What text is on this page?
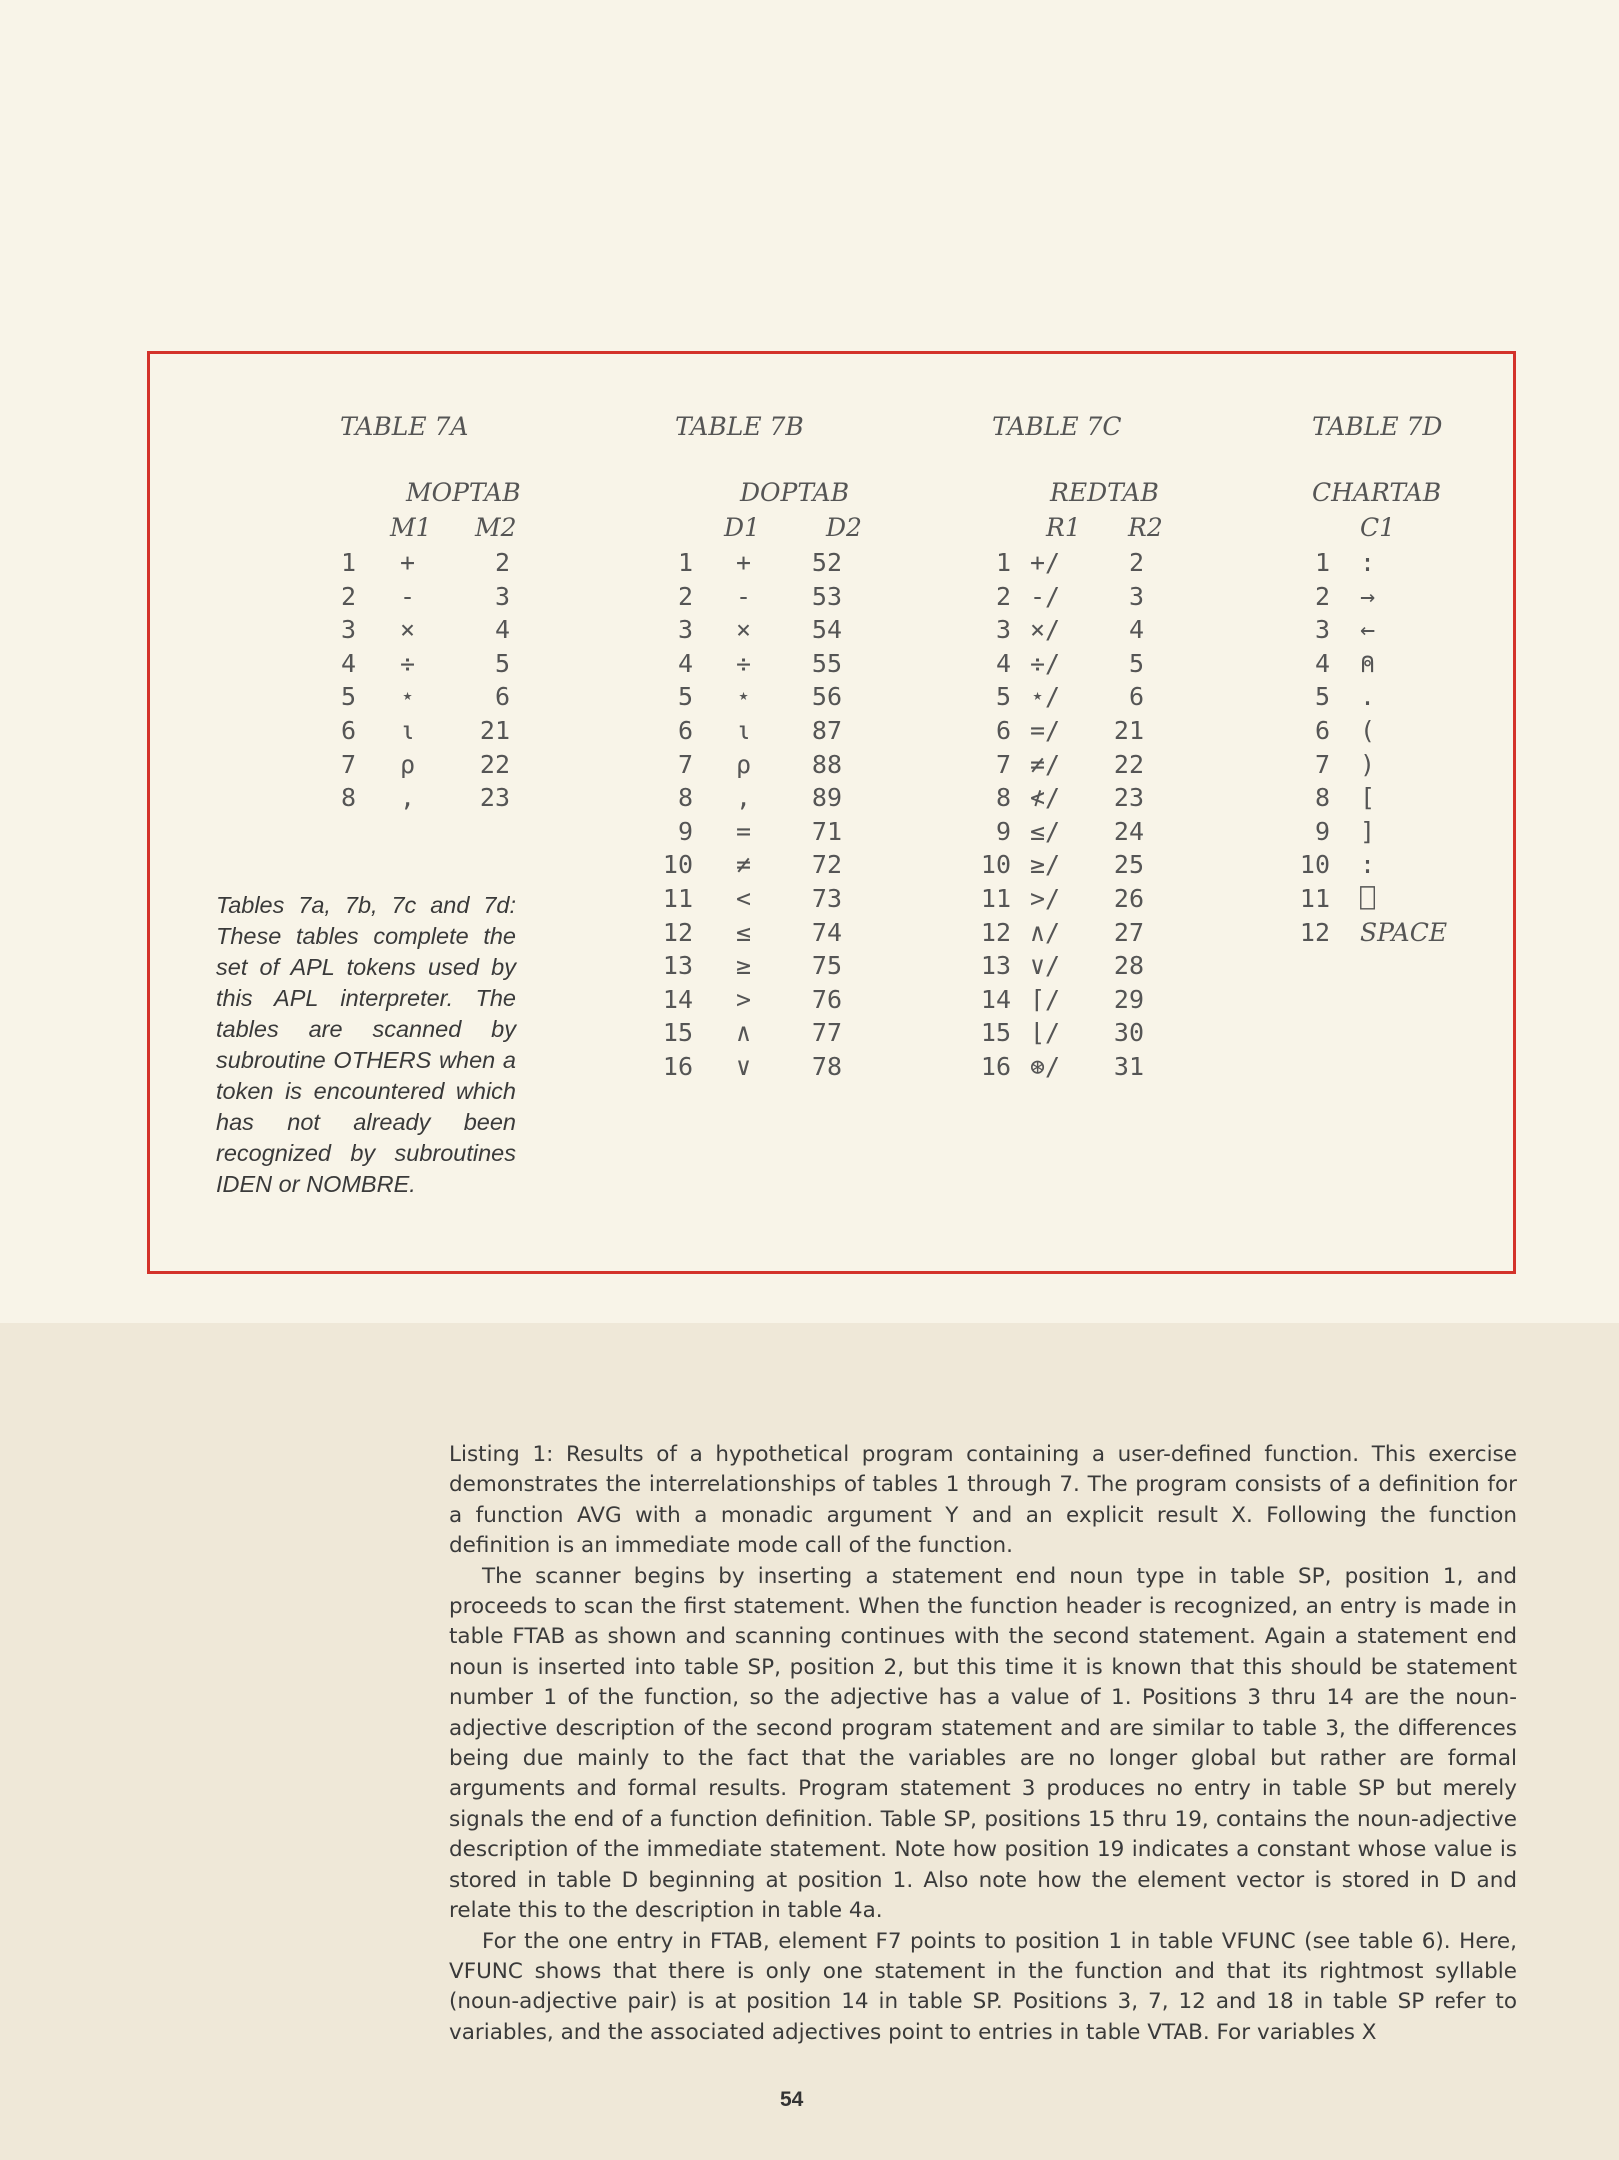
TABLE 7A
MOPTAB
M1 M2
1 +	2
2 -	3
3 ×	4
4 ÷	5
5 ⋆	6
6 ι	21
7 ρ	22
8 ,	23
TABLE 7B
DOPTAB
D1	D2
1 + 52
2 - 53
3 × 54
4 ÷ 55
5 ⋆ 56
6 ι 87
7 ρ 88
8 , 89
9 = 71
10 ≠ 72
11 < 73
12 ≤ 74
13 ≥ 75
14 > 76
15 ∧ 77
16 ∨ 78
TABLE 7C
REDTAB
R1 R2
1 +/	2
2 -/	3
3 ×/	4
4 ÷/	5
5 ⋆/	6
6 =/ 21
7 ≠/ 22
8 ≮/ 23
9 ≤/ 24
10 ≥/ 25
11 >/ 26
12 ∧/ 27
13 ∨/ 28
14 ⌈/ 29
15 ⌊/ 30
16 ⊛/ 31
TABLE 7D
CHARTAB
C1
1 :
2 →
3 ←
4 ⍝
5 .
6 (
7 )
8 [
9 ]
10 :
11 ⎕
12 SPACE
Tables 7a, 7b, 7c and 7d: These tables complete the set of APL tokens used by this APL interpreter. The tables are scanned by subroutine OTHERS when a token is encountered which has not already been recognized by subroutines IDEN or NOMBRE.

Listing 1: Results of a hypothetical program containing a user-defined function. This exercise demonstrates the interrelationships of tables 1 through 7. The program consists of a definition for a function AVG with a monadic argument Y and an explicit result X. Following the function definition is an immediate mode call of the function.

The scanner begins by inserting a statement end noun type in table SP, position 1, and proceeds to scan the first statement. When the function header is recognized, an entry is made in table FTAB as shown and scanning continues with the second statement. Again a statement end noun is inserted into table SP, position 2, but this time it is known that this should be statement number 1 of the function, so the adjective has a value of 1. Positions 3 thru 14 are the noun-adjective description of the second program statement and are similar to table 3, the differences being due mainly to the fact that the variables are no longer global but rather are formal arguments and formal results. Program statement 3 produces no entry in table SP but merely signals the end of a function definition. Table SP, positions 15 thru 19, contains the noun-adjective description of the immediate statement. Note how position 19 indicates a constant whose value is stored in table D beginning at position 1. Also note how the element vector is stored in D and relate this to the description in table 4a.

For the one entry in FTAB, element F7 points to position 1 in table VFUNC (see table 6). Here, VFUNC shows that there is only one statement in the function and that its rightmost syllable (noun-adjective pair) is at position 14 in table SP. Positions 3, 7, 12 and 18 in table SP refer to variables, and the associated adjectives point to entries in table VTAB. For variables X

54
